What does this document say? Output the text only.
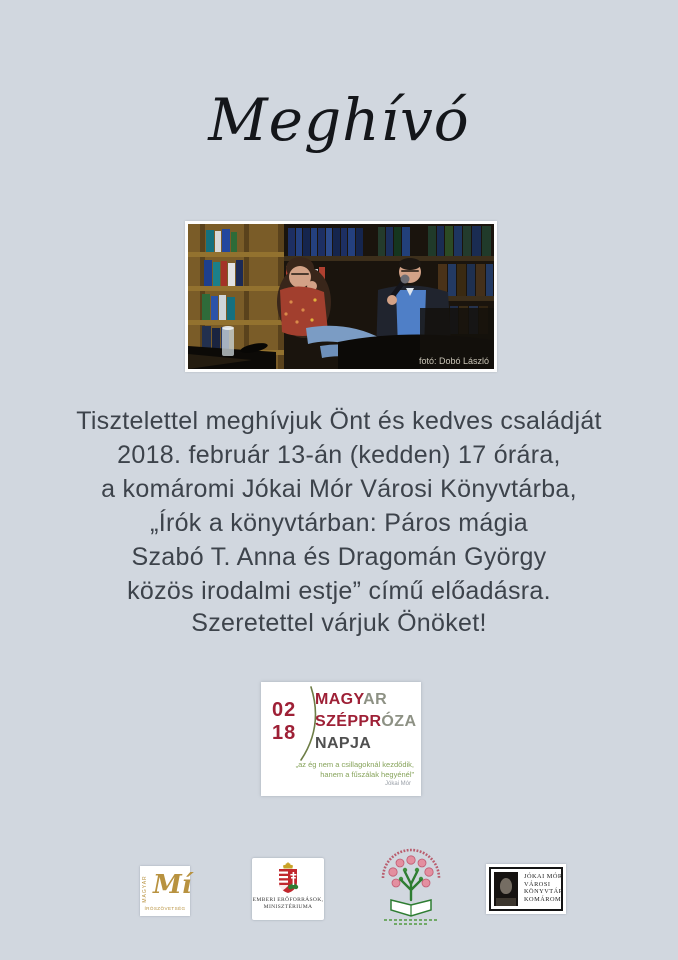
Meghívó
fotó: Dobó László
Tisztelettel meghívjuk Önt és kedves családját
2018. február 13-án (kedden) 17 órára,
a komáromi Jókai Mór Városi Könyvtárba,
„Írók a könyvtárban: Páros mágia
Szabó T. Anna és Dragomán György
közös irodalmi estje” című előadásra.
Szeretettel várjuk Önöket!
02
18
MAGYAR
SZÉPPRÓZA
NAPJA
„az ég nem a csillagoknál kezdődik,
hanem a fűszálak hegyénél”
Jókai Mór
MAGYAR Mí
ÍRÓSZÖVETSÉG
EMBERI ERŐFORRÁSOK,
MINISZTÉRIUMA
JÓKAI MÓR
VÁROSI
KÖNYVTÁR
KOMÁROM
